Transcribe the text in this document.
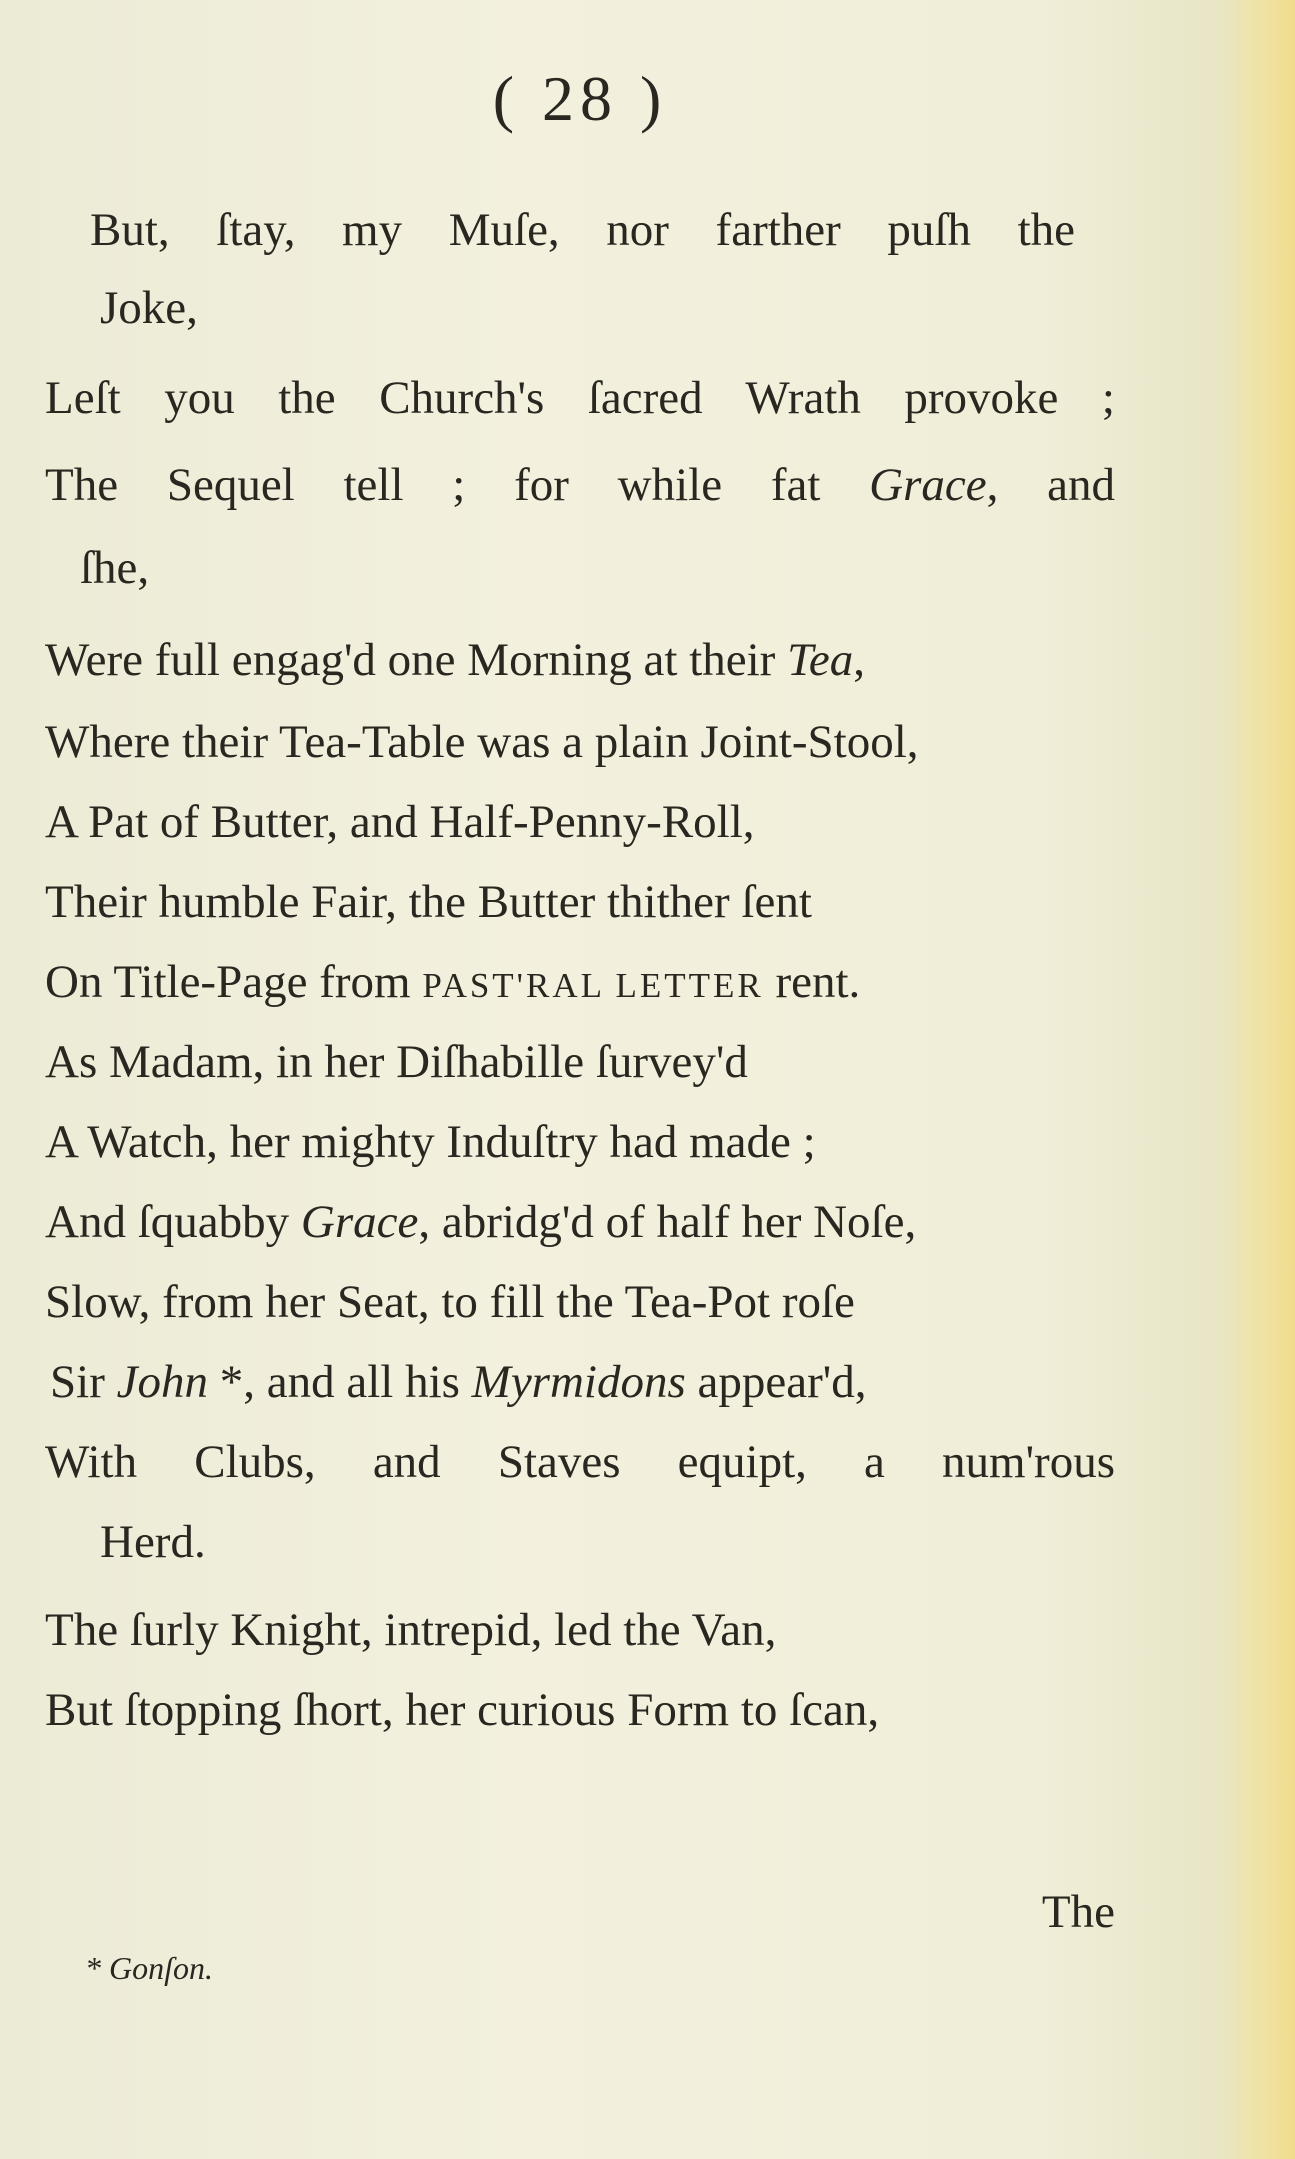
( 28 )
But, ſtay, my Muſe, nor farther puſh the
Joke,
Leſt you the Church's ſacred Wrath provoke ;
The Sequel tell ; for while fat Grace, and
ſhe,
Were full engag'd one Morning at their Tea,
Where their Tea-Table was a plain Joint-Stool,
A Pat of Butter, and Half-Penny-Roll,
Their humble Fair, the Butter thither ſent
On Title-Page from PAST'RAL LETTER rent.
As Madam, in her Diſhabille ſurvey'd
A Watch, her mighty Induſtry had made ;
And ſquabby Grace, abridg'd of half her Noſe,
Slow, from her Seat, to fill the Tea-Pot roſe
Sir John *, and all his Myrmidons appear'd,
With Clubs, and Staves equipt, a num'rous
Herd.
The ſurly Knight, intrepid, led the Van,
But ſtopping ſhort, her curious Form to ſcan,
The
* Gonſon.
